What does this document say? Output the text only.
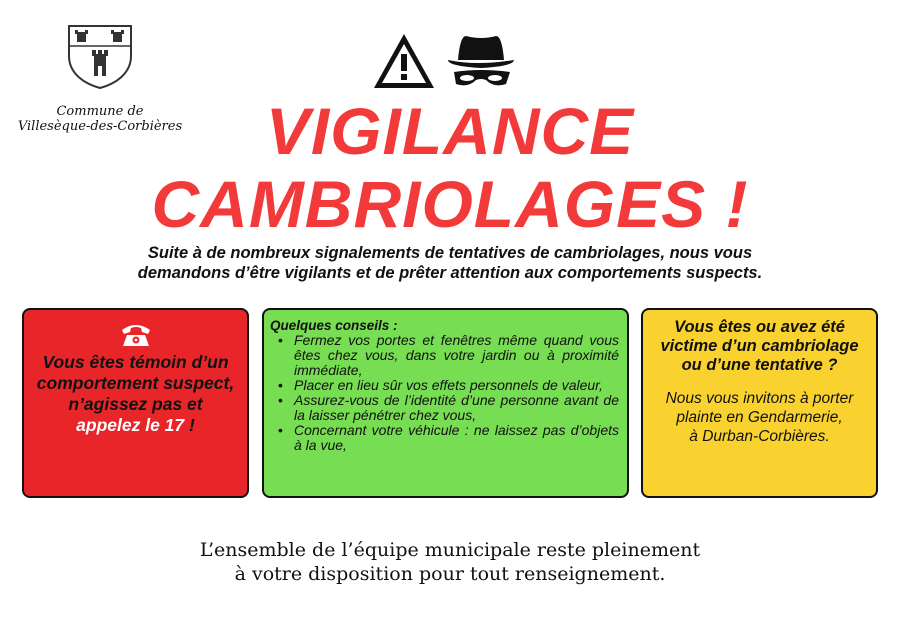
Commune de
Villesèque-des-Corbières	VIGILANCE
CAMBRIOLAGES !
Suite à de nombreux signalements de tentatives de cambriolages, nous vous
demandons d’être vigilants et de prêter attention aux comportements suspects.
Vous êtes témoin d’un comportement suspect, n’agissez pas et appelez le 17 !
Quelques conseils :
• Fermez vos portes et fenêtres même quand vous êtes chez vous, dans votre jardin ou à proximité immédiate,
• Placer en lieu sûr vos effets personnels de valeur,
• Assurez-vous de l’identité d’une personne avant de la laisser pénétrer chez vous,
• Concernant votre véhicule : ne laissez pas d’objets à la vue,
Vous êtes ou avez été victime d’un cambriolage ou d’une tentative ?
Nous vous invitons à porter plainte en Gendarmerie,
à Durban-Corbières.
L’ensemble de l’équipe municipale reste pleinement
à votre disposition pour tout renseignement.
